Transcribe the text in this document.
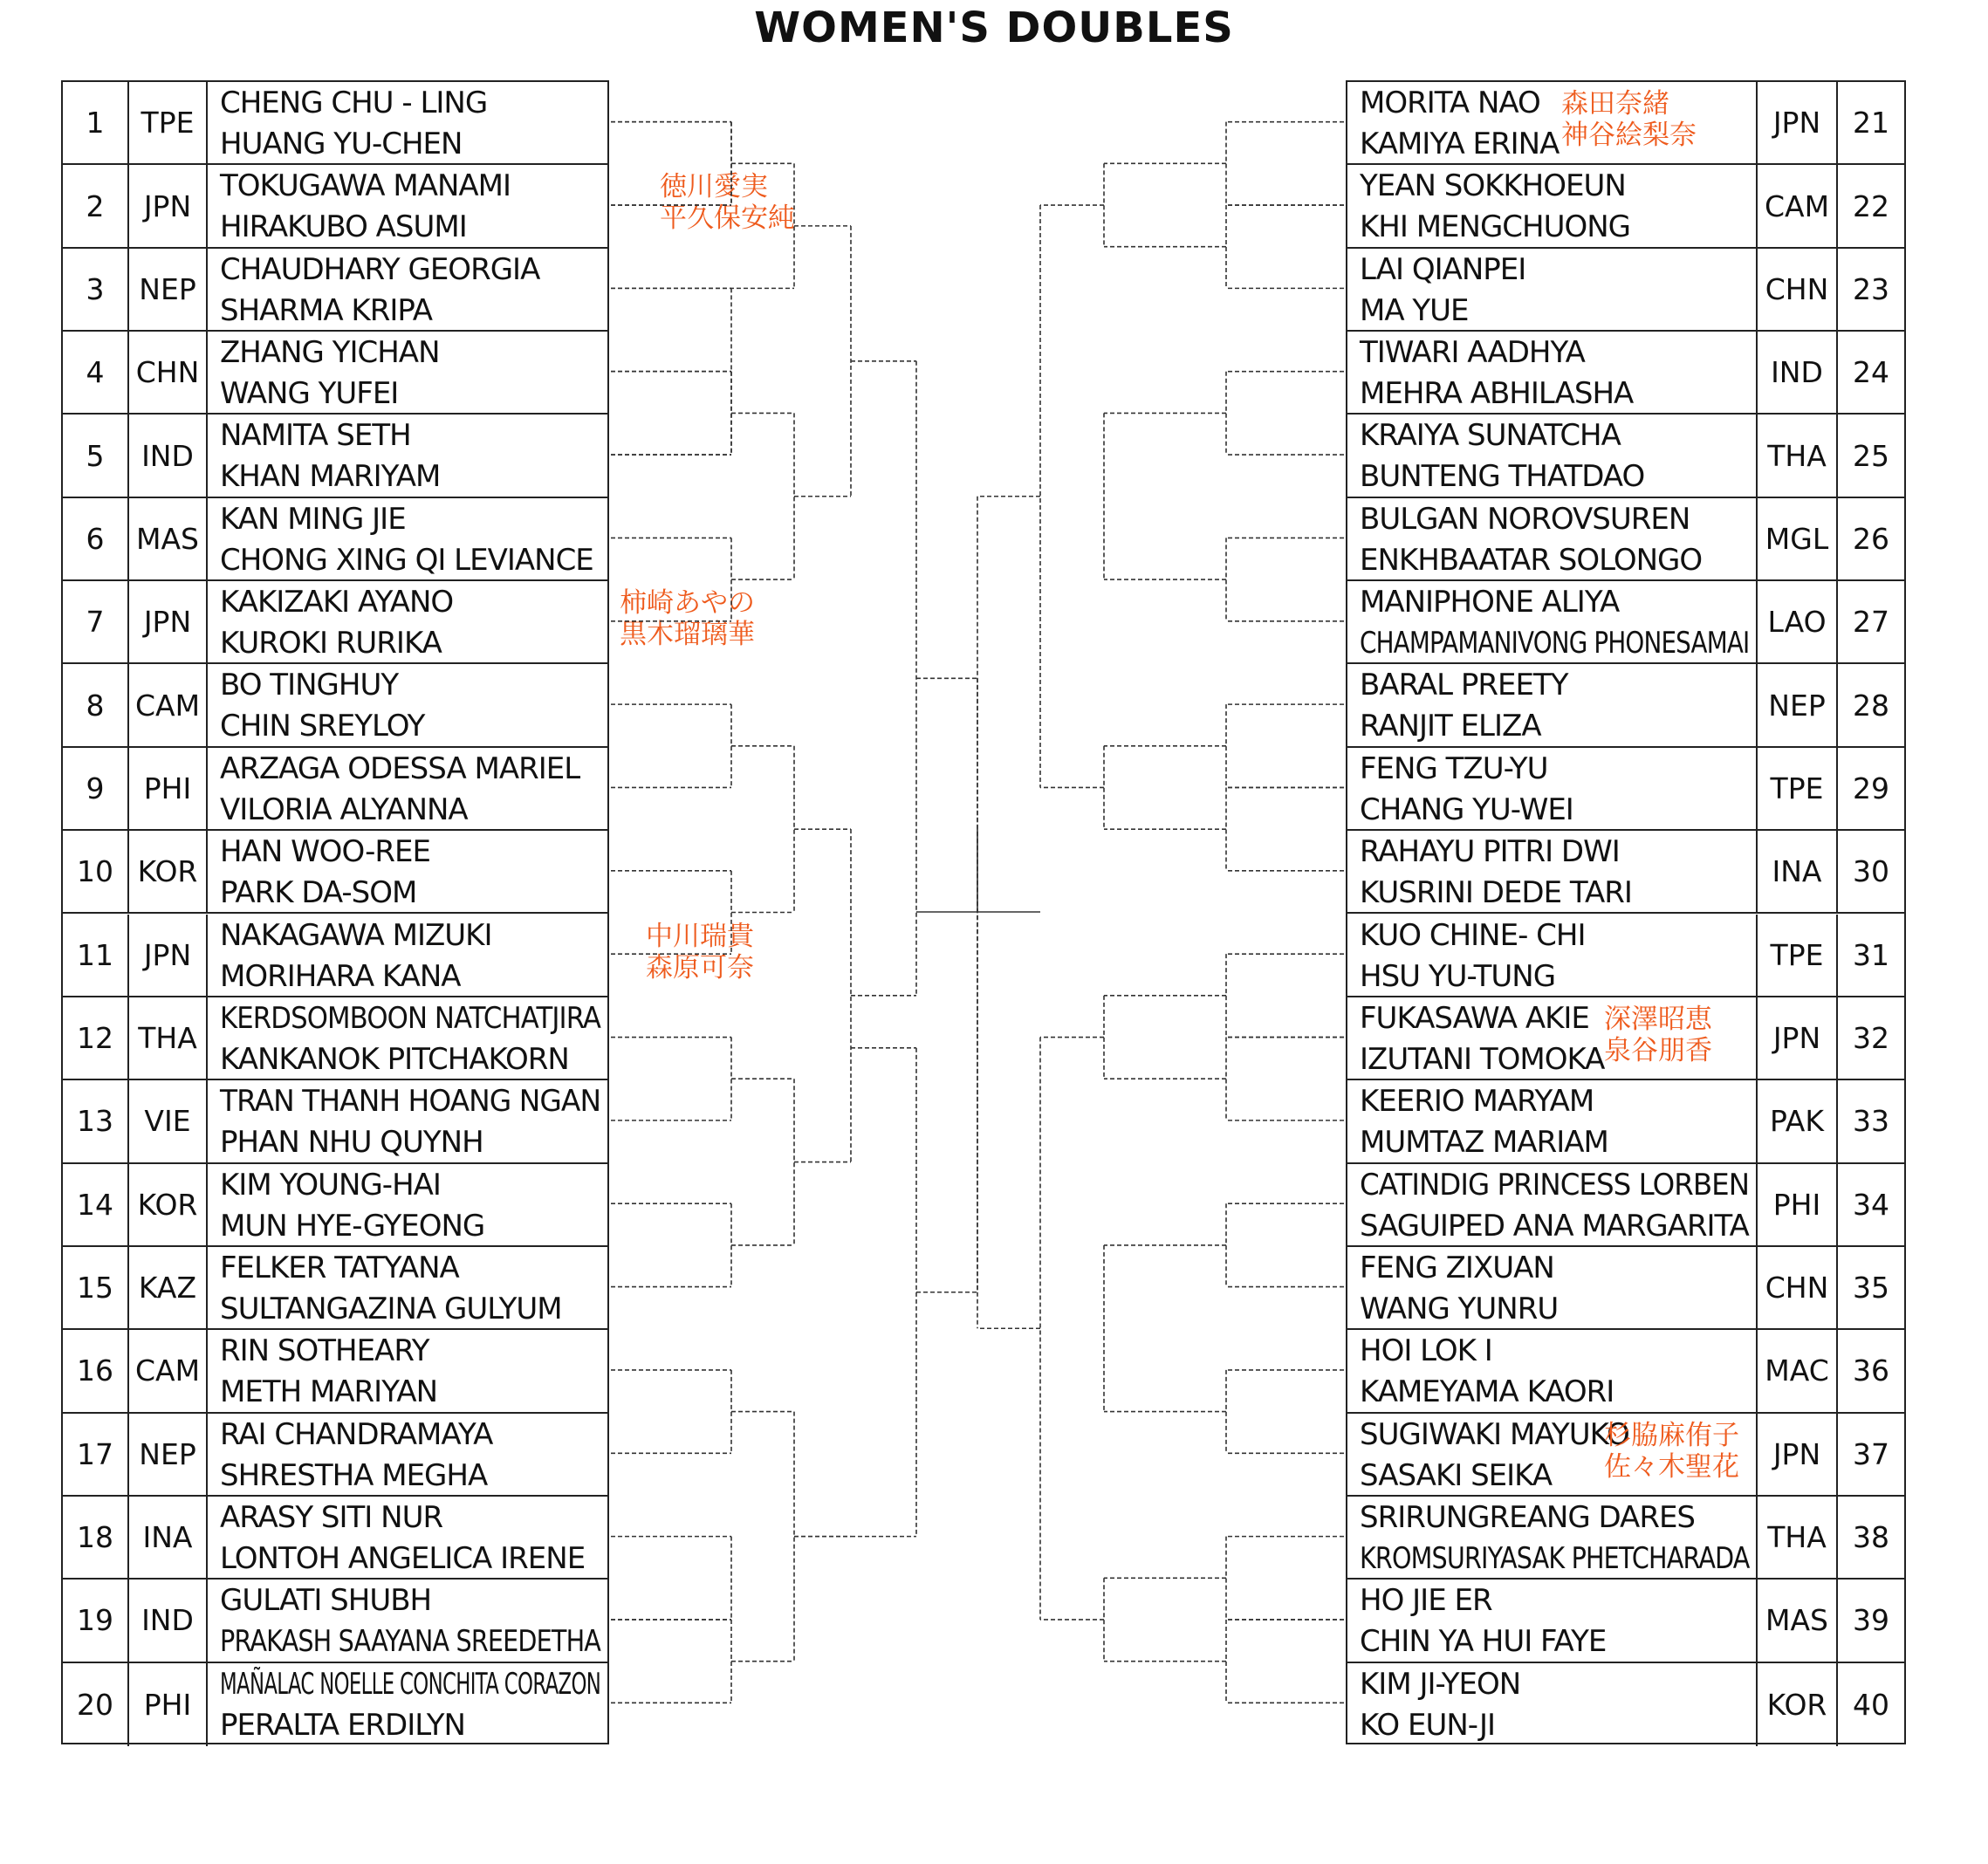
WOMEN'S DOUBLES
1	TPE
CHENG CHU - LING
HUANG YU-CHEN
2	JPN
TOKUGAWA MANAMI
HIRAKUBO ASUMI
徳川愛実
平久保安純
3	NEP
CHAUDHARY GEORGIA
SHARMA KRIPA
4	CHN
ZHANG YICHAN
WANG YUFEI
5	IND
NAMITA SETH
KHAN MARIYAM
6	MAS
KAN MING JIE
CHONG XING QI LEVIANCE
7	JPN
KAKIZAKI AYANO
KUROKI RURIKA
柿崎あやの
黒木瑠璃華
8	CAM
BO TINGHUY
CHIN SREYLOY
9	PHI
ARZAGA ODESSA MARIEL
VILORIA ALYANNA
10 KOR
HAN WOO-REE
PARK DA-SOM
11	JPN
NAKAGAWA MIZUKI
MORIHARA KANA
中川瑞貴
森原可奈
12 THA
KERDSOMBOON NATCHATJIRA
KANKANOK PITCHAKORN
13	VIE
TRAN THANH HOANG NGAN
PHAN NHU QUYNH
14 KOR
KIM YOUNG-HAI
MUN HYE-GYEONG
15 KAZ
FELKER TATYANA
SULTANGAZINA GULYUM
16 CAM
RIN SOTHEARY
METH MARIYAN
17 NEP
RAI CHANDRAMAYA
SHRESTHA MEGHA
18	INA
ARASY SITI NUR
LONTOH ANGELICA IRENE
19 IND
GULATI SHUBH
PRAKASH SAAYANA SREEDETHA
20	PHI
MAÑALAC NOELLE CONCHITA CORAZON
PERALTA ERDILYN
21
JPN
MORITA NAO
KAMIYA ERINA
森田奈緒
神谷絵梨奈
22
CAM
YEAN SOKKHOEUN
KHI MENGCHUONG
23
CHN
LAI QIANPEI
MA YUE
24
IND
TIWARI AADHYA
MEHRA ABHILASHA
25
THA
KRAIYA SUNATCHA
BUNTENG THATDAO
26
MGL
BULGAN NOROVSUREN
ENKHBAATAR SOLONGO
27
LAO
MANIPHONE ALIYA
CHAMPAMANIVONG PHONESAMAI
28
NEP
BARAL PREETY
RANJIT ELIZA
29
TPE
FENG TZU-YU
CHANG YU-WEI
30
INA
RAHAYU PITRI DWI
KUSRINI DEDE TARI
31
TPE
KUO CHINE- CHI
HSU YU-TUNG
32
JPN
FUKASAWA AKIE
IZUTANI TOMOKA
深澤昭恵
泉谷朋香
33
PAK
KEERIO MARYAM
MUMTAZ MARIAM
34
PHI
CATINDIG PRINCESS LORBEN
SAGUIPED ANA MARGARITA
35
CHN
FENG ZIXUAN
WANG YUNRU
36
MAC
HOI LOK I
KAMEYAMA KAORI
37
JPN
SUGIWAKI MAYUKO
SASAKI SEIKA
杉脇麻侑子
佐々木聖花
38
THA
SRIRUNGREANG DARES
KROMSURIYASAK PHETCHARADA
39
MAS
HO JIE ER
CHIN YA HUI FAYE
40
KOR
KIM JI-YEON
KO EUN-JI
